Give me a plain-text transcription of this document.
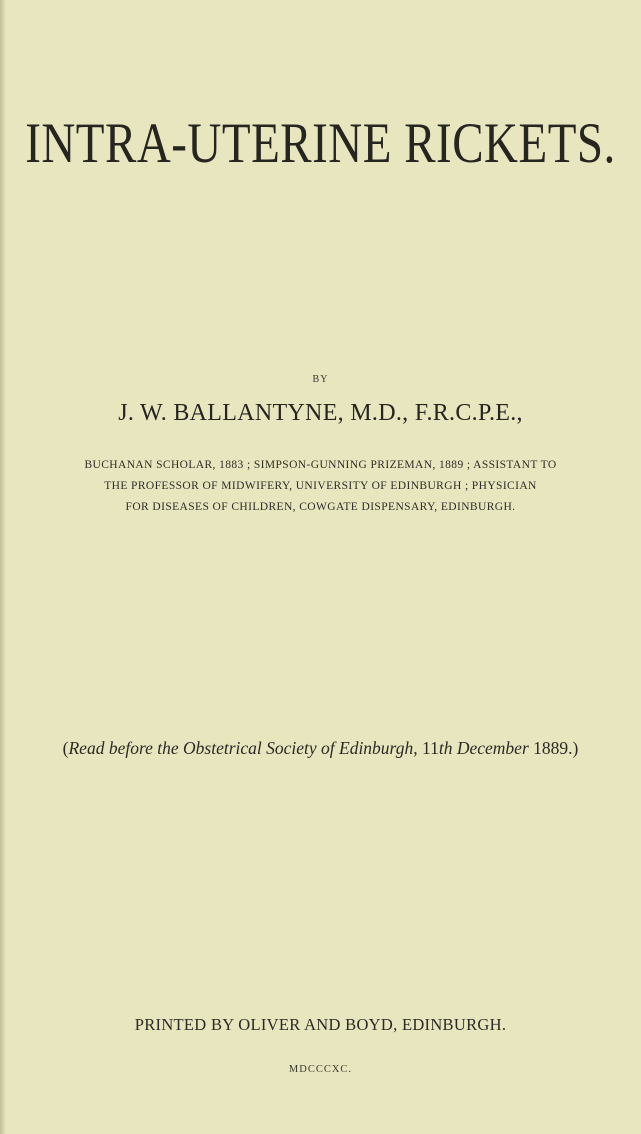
INTRA-UTERINE RICKETS.
BY
J. W. BALLANTYNE, M.D., F.R.C.P.E.,
BUCHANAN SCHOLAR, 1883 ; SIMPSON-GUNNING PRIZEMAN, 1889 ; ASSISTANT TO
THE PROFESSOR OF MIDWIFERY, UNIVERSITY OF EDINBURGH ; PHYSICIAN
FOR DISEASES OF CHILDREN, COWGATE DISPENSARY, EDINBURGH.
(Read before the Obstetrical Society of Edinburgh, 11th December 1889.)
PRINTED BY OLIVER AND BOYD, EDINBURGH.
MDCCCXC.
